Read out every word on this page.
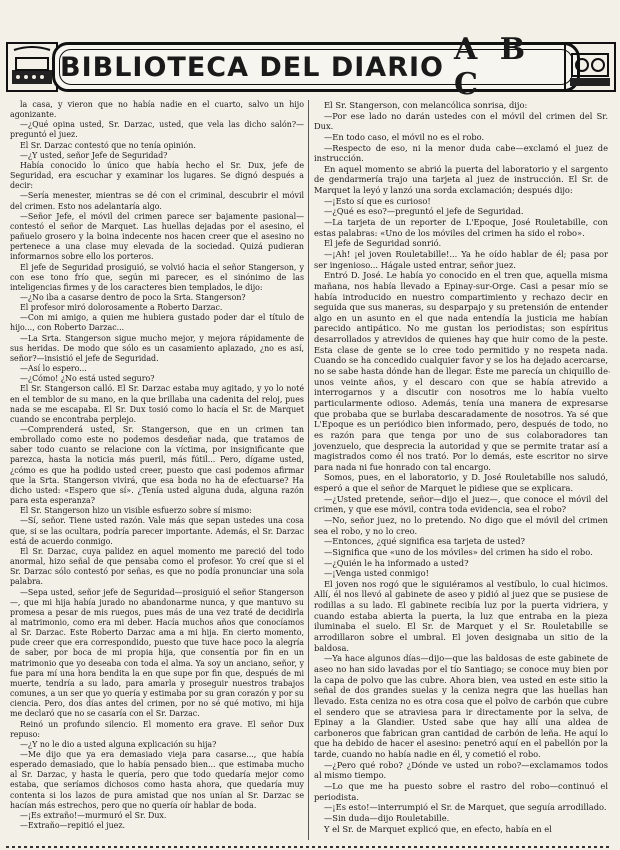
BIBLIOTECA DEL DIARIO A B C

la casa, y vieron que no había nadie en el cuarto, salvo un hijo agonizante.

—¿Qué opina usted, Sr. Darzac, usted, que vela las dicho salón?—preguntó el juez.

El Sr. Darzac contestó que no tenía opinión.

—¿Y usted, señor Jefe de Seguridad?

Había conocido lo único que había hecho el Sr. Dux, jefe de Seguridad, era escuchar y examinar los lugares. Se dignó después a decir:

—Sería menester, mientras se dé con el criminal, descubrir el móvil del crimen. Esto nos adelantaría algo.

—Señor Jefe, el móvil del crimen parece ser bajamente pasional—contestó el señor de Marquet. Las huellas dejadas por el asesino, el pañuelo grosero y la boina indecente nos hacen creer que el asesino no pertenece a una clase muy elevada de la sociedad. Quizá pudieran informarnos sobre ello los porteros.

El jefe de Seguridad prosiguió, se volvió hacia el señor Stangerson, y con ese tono frío que, según mi parecer, es el sinónimo de las inteligencias firmes y de los caracteres bien templados, le dijo:

—¿No iba a casarse dentro de poco la Srta. Stangerson?

El profesor miró dolorosamente a Roberto Darzac.

—Con mi amigo, a quien me hubiera gustado poder dar el título de hijo..., con Roberto Darzac...

—La Srta. Stangerson sigue mucho mejor, y mejora rápidamente de sus heridas. De modo que sólo es un casamiento aplazado, ¿no es así, señor?—insistió el jefe de Seguridad.

—Así lo espero...

—¿Cómo! ¿No está usted seguro?

El Sr. Stangerson calló. El Sr. Darzac estaba muy agitado, y yo lo noté en el temblor de su mano, en la que brillaba una cadenita del reloj, pues nada se me escapaba. El Sr. Dux tosió como lo hacía el Sr. de Marquet cuando se encontraba perplejo.

—Comprenderá usted, Sr. Stangerson, que en un crimen tan embrollado como este no podemos desdeñar nada, que tratamos de saber todo cuanto se relacione con la víctima, por insignificante que parezca, hasta la noticia más pueril, más fútil... Pero, dígame usted, ¿cómo es que ha podido usted creer, puesto que casi podemos afirmar que la Srta. Stangerson vivirá, que esa boda no ha de efectuarse? Ha dicho usted: «Espero que sí». ¿Tenía usted alguna duda, alguna razón para esta esperanza?

El Sr. Stangerson hizo un visible esfuerzo sobre sí mismo:

—Sí, señor. Tiene usted razón. Vale más que sepan ustedes una cosa que, si se las ocultara, podría parecer importante. Además, el Sr. Darzac está de acuerdo conmigo.

El Sr. Darzac, cuya palidez en aquel momento me pareció del todo anormal, hizo señal de que pensaba como el profesor. Yo creí que si el Sr. Darzac sólo contestó por señas, es que no podía pronunciar una sola palabra.

—Sepa usted, señor jefe de Seguridad—prosiguió el señor Stangerson—, que mi hija había jurado no abandonarme nunca, y que mantuvo su promesa a pesar de mis ruegos, pues más de una vez traté de decidirla al matrimonio, como era mi deber. Hacía muchos años que conocíamos al Sr. Darzac. Este Roberto Darzac ama a mi hija. En cierto momento, pude creer que era correspondido, puesto que tuve hace poco la alegría de saber, por boca de mi propia hija, que consentía por fin en un matrimonio que yo deseaba con toda el alma. Ya soy un anciano, señor, y fue para mí una hora bendita la en que supe por fin que, después de mi muerte, tendría a su lado, para amarla y proseguir nuestros trabajos comunes, a un ser que yo quería y estimaba por su gran corazón y por su ciencia. Pero, dos días antes del crimen, por no sé qué motivo, mi hija me declaró que no se casaría con el Sr. Darzac.

Reinó un profundo silencio. El momento era grave. El señor Dux repuso:

—¿Y no le dio a usted alguna explicación su hija?

—Me dijo que ya era demasiado vieja para casarse..., que había esperado demasiado, que lo había pensado bien... que estimaba mucho al Sr. Darzac, y hasta le quería, pero que todo quedaría mejor como estaba, que seríamos dichosos como hasta ahora, que quedaría muy contenta si los lazos de pura amistad que nos unían al Sr. Darzac se hacían más estrechos, pero que no quería oír hablar de boda.

—¡Es extraño!—murmuró el Sr. Dux.

—Extraño—repitió el juez.

El Sr. Stangerson, con melancólica sonrisa, dijo:

—Por ese lado no darán ustedes con el móvil del crimen del Sr. Dux.

—En todo caso, el móvil no es el robo.

—Respecto de eso, ni la menor duda cabe—exclamó el juez de instrucción.

En aquel momento se abrió la puerta del laboratorio y el sargento de gendarmería trajo una tarjeta al juez de instrucción. El Sr. de Marquet la leyó y lanzó una sorda exclamación; después dijo:

—¡Esto sí que es curioso!

—¿Qué es eso?—preguntó el jefe de Seguridad.

—La tarjeta de un reporter de L'Epoque, José Rouletabille, con estas palabras: «Uno de los móviles del crimen ha sido el robo».

El jefe de Seguridad sonrió.

—¡Ah! ¡el joven Rouletabille!... Ya he oído hablar de él; pasa por ser ingenioso... Hágale usted entrar, señor juez.

Entró D. José. Le había yo conocido en el tren que, aquella misma mañana, nos había llevado a Epinay-sur-Orge. Casi a pesar mío se había introducido en nuestro compartimiento y rechazo decir en seguida que sus maneras, su desparpajo y su pretensión de entender algo en un asunto en el que nada entendía la justicia me habían parecido antipático. No me gustan los periodistas; son espíritus desarrollados y atrevidos de quienes hay que huir como de la peste. Esta clase de gente se lo cree todo permitido y no respeta nada. Cuando se ha concedido cualquier favor y se los ha dejado acercarse, no se sabe hasta dónde han de llegar. Éste me parecía un chiquillo de unos veinte años, y el descaro con que se había atrevido a interrogarnos y a discutir con nosotros me lo había vuelto particularmente odioso. Además, tenía una manera de expresarse que probaba que se burlaba descaradamente de nosotros. Ya sé que L'Epoque es un periódico bien informado, pero, después de todo, no es razón para que tenga por uno de sus colaboradores tan jovenzuelo, que desprecia la autoridad y que se permite tratar así a magistrados como él nos trató. Por lo demás, este escritor no sirve para nada ni fue honrado con tal encargo.

Somos, pues, en el laboratorio, y D. José Rouletabille nos saludó, esperó a que el señor de Marquet le pidiese que se explicara.

—¿Usted pretende, señor—dijo el juez—, que conoce el móvil del crimen, y que ese móvil, contra toda evidencia, sea el robo?

—No, señor juez, no lo pretendo. No digo que el móvil del crimen sea el robo, y no lo creo.

—Entonces, ¿qué significa esa tarjeta de usted?

—Significa que «uno de los móviles» del crimen ha sido el robo.

—¿Quién le ha informado a usted?

—¡Venga usted conmigo!

El joven nos rogó que le siguiéramos al vestíbulo, lo cual hicimos. Allí, él nos llevó al gabinete de aseo y pidió al juez que se pusiese de rodillas a su lado. El gabinete recibía luz por la puerta vidriera, y cuando estaba abierta la puerta, la luz que entraba en la pieza iluminaba el suelo. El Sr. de Marquet y el Sr. Rouletabille se arrodillaron sobre el umbral. El joven designaba un sitio de la baldosa.

—Ya hace algunos días—dijo—que las baldosas de este gabinete de aseo no han sido lavadas por el tío Santiago; se conoce muy bien por la capa de polvo que las cubre. Ahora bien, vea usted en este sitio la señal de dos grandes suelas y la ceniza negra que las huellas han llevado. Esta ceniza no es otra cosa que el polvo de carbón que cubre el sendero que se atraviesa para ir directamente por la selva, de Epinay a la Glandier. Usted sabe que hay allí una aldea de carboneros que fabrican gran cantidad de carbón de leña. He aquí lo que ha debido de hacer el asesino: penetró aquí en el pabellón por la tarde, cuando no había nadie en él, y cometió el robo.

—¿Pero qué robo? ¿Dónde ve usted un robo?—exclamamos todos al mismo tiempo.

—Lo que me ha puesto sobre el rastro del robo—continuó el periodista.

—¡Es esto!—interrumpió el Sr. de Marquet, que seguía arrodillado.

—Sin duda—dijo Rouletabille.

Y el Sr. de Marquet explicó que, en efecto, había en el

·
